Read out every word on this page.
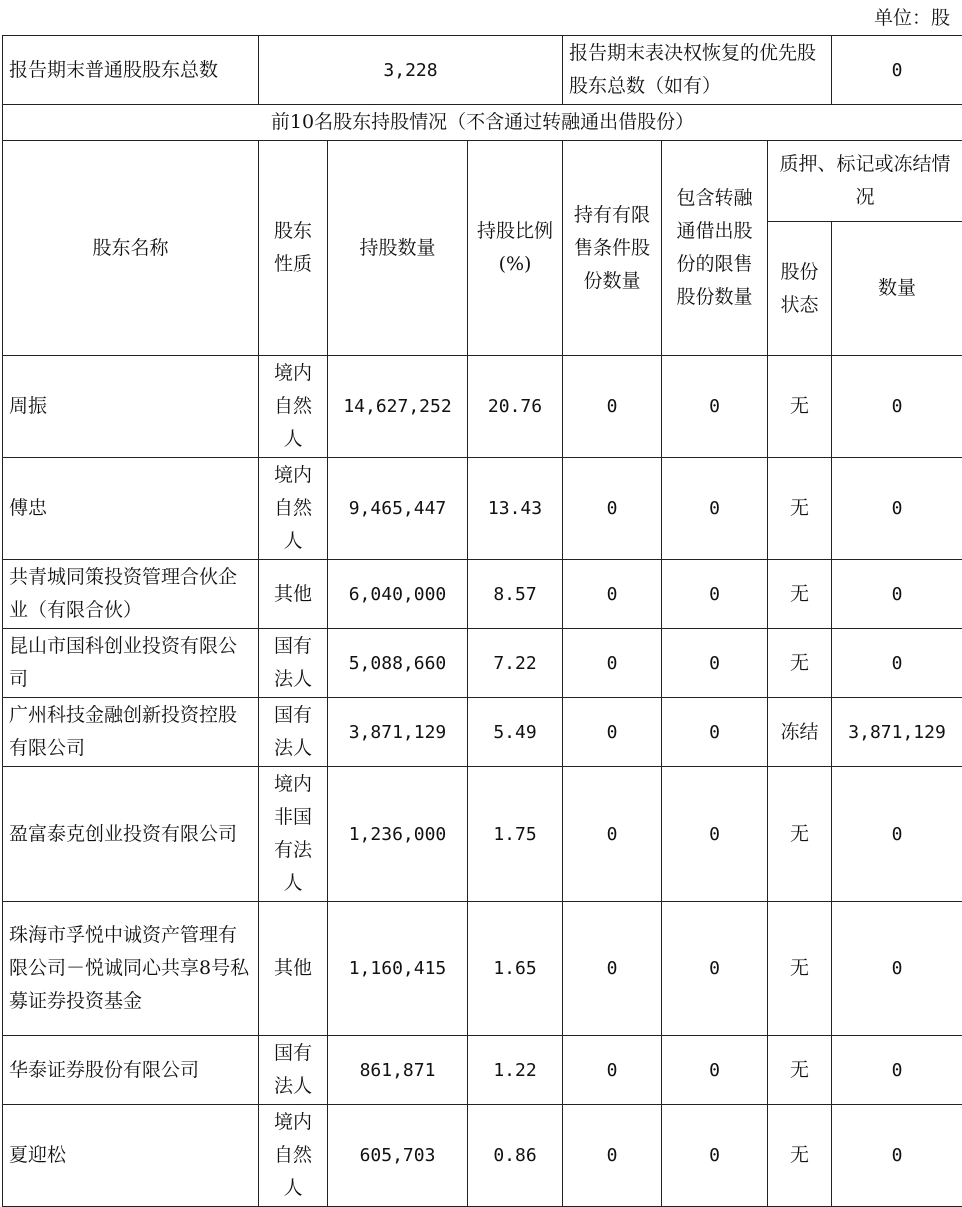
单位：股
报告期末普通股股东总数	3,228			报告期末表决权恢复的优先股股东总数（如有）			0
前10名股东持股情况（不含通过转融通出借股份）							
股东名称	股东性质	持股数量	持股比例(%)	持有有限售条件股份数量	包含转融通借出股份的限售股份数量	质押、标记或冻结情况	
						股份状态	数量
周振	境内自然人	14,627,252	20.76	0	0	无	0
傅忠	境内自然人	9,465,447	13.43	0	0	无	0
共青城同策投资管理合伙企业（有限合伙）	其他	6,040,000	8.57	0	0	无	0
昆山市国科创业投资有限公司	国有法人	5,088,660	7.22	0	0	无	0
广州科技金融创新投资控股有限公司	国有法人	3,871,129	5.49	0	0	冻结	3,871,129
盈富泰克创业投资有限公司	境内非国有法人	1,236,000	1.75	0	0	无	0
珠海市孚悦中诚资产管理有限公司－悦诚同心共享8号私募证券投资基金	其他	1,160,415	1.65	0	0	无	0
华泰证券股份有限公司	国有法人	861,871	1.22	0	0	无	0
夏迎松	境内自然人	605,703	0.86	0	0	无	0
